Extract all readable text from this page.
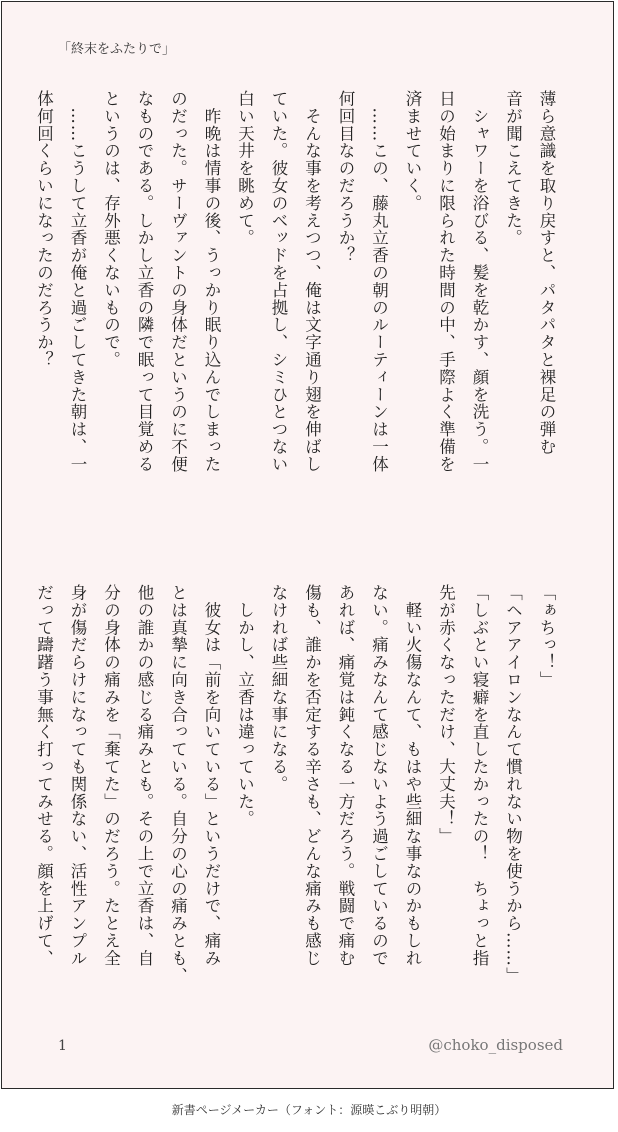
「終末をふたりで」
薄ら意識を取り戻すと、パタパタと裸足の弾む
音が聞こえてきた。
　シャワーを浴びる、髪を乾かす、顔を洗う。一
日の始まりに限られた時間の中、手際よく準備を
済ませていく。
　……この、藤丸立香の朝のルーティーンは一体
何回目なのだろうか？
　そんな事を考えつつ、俺は文字通り翅を伸ばし
ていた。彼女のベッドを占拠し、シミひとつない
白い天井を眺めて。
　昨晩は情事の後、うっかり眠り込んでしまった
のだった。サーヴァントの身体だというのに不便
なものである。しかし立香の隣で眠って目覚める
というのは、存外悪くないもので。
　……こうして立香が俺と過ごしてきた朝は、一
体何回くらいになったのだろうか？
「ぁちっ！」
「ヘアアイロンなんて慣れない物を使うから……」
「しぶとい寝癖を直したかったの！　ちょっと指
先が赤くなっただけ、大丈夫！」
　軽い火傷なんて、もはや些細な事なのかもしれ
ない。痛みなんて感じないよう過ごしているので
あれば、痛覚は鈍くなる一方だろう。戦闘で痛む
傷も、誰かを否定する辛さも、どんな痛みも感じ
なければ些細な事になる。
　しかし、立香は違っていた。
　彼女は「前を向いている」というだけで、痛み
とは真摯に向き合っている。自分の心の痛みとも、
他の誰かの感じる痛みとも。その上で立香は、自
分の身体の痛みを「棄てた」のだろう。たとえ全
身が傷だらけになっても関係ない、活性アンプル
だって躊躇う事無く打ってみせる。顔を上げて、
1	@choko_disposed
新書ページメーカー（フォント：源暎こぶり明朝）
